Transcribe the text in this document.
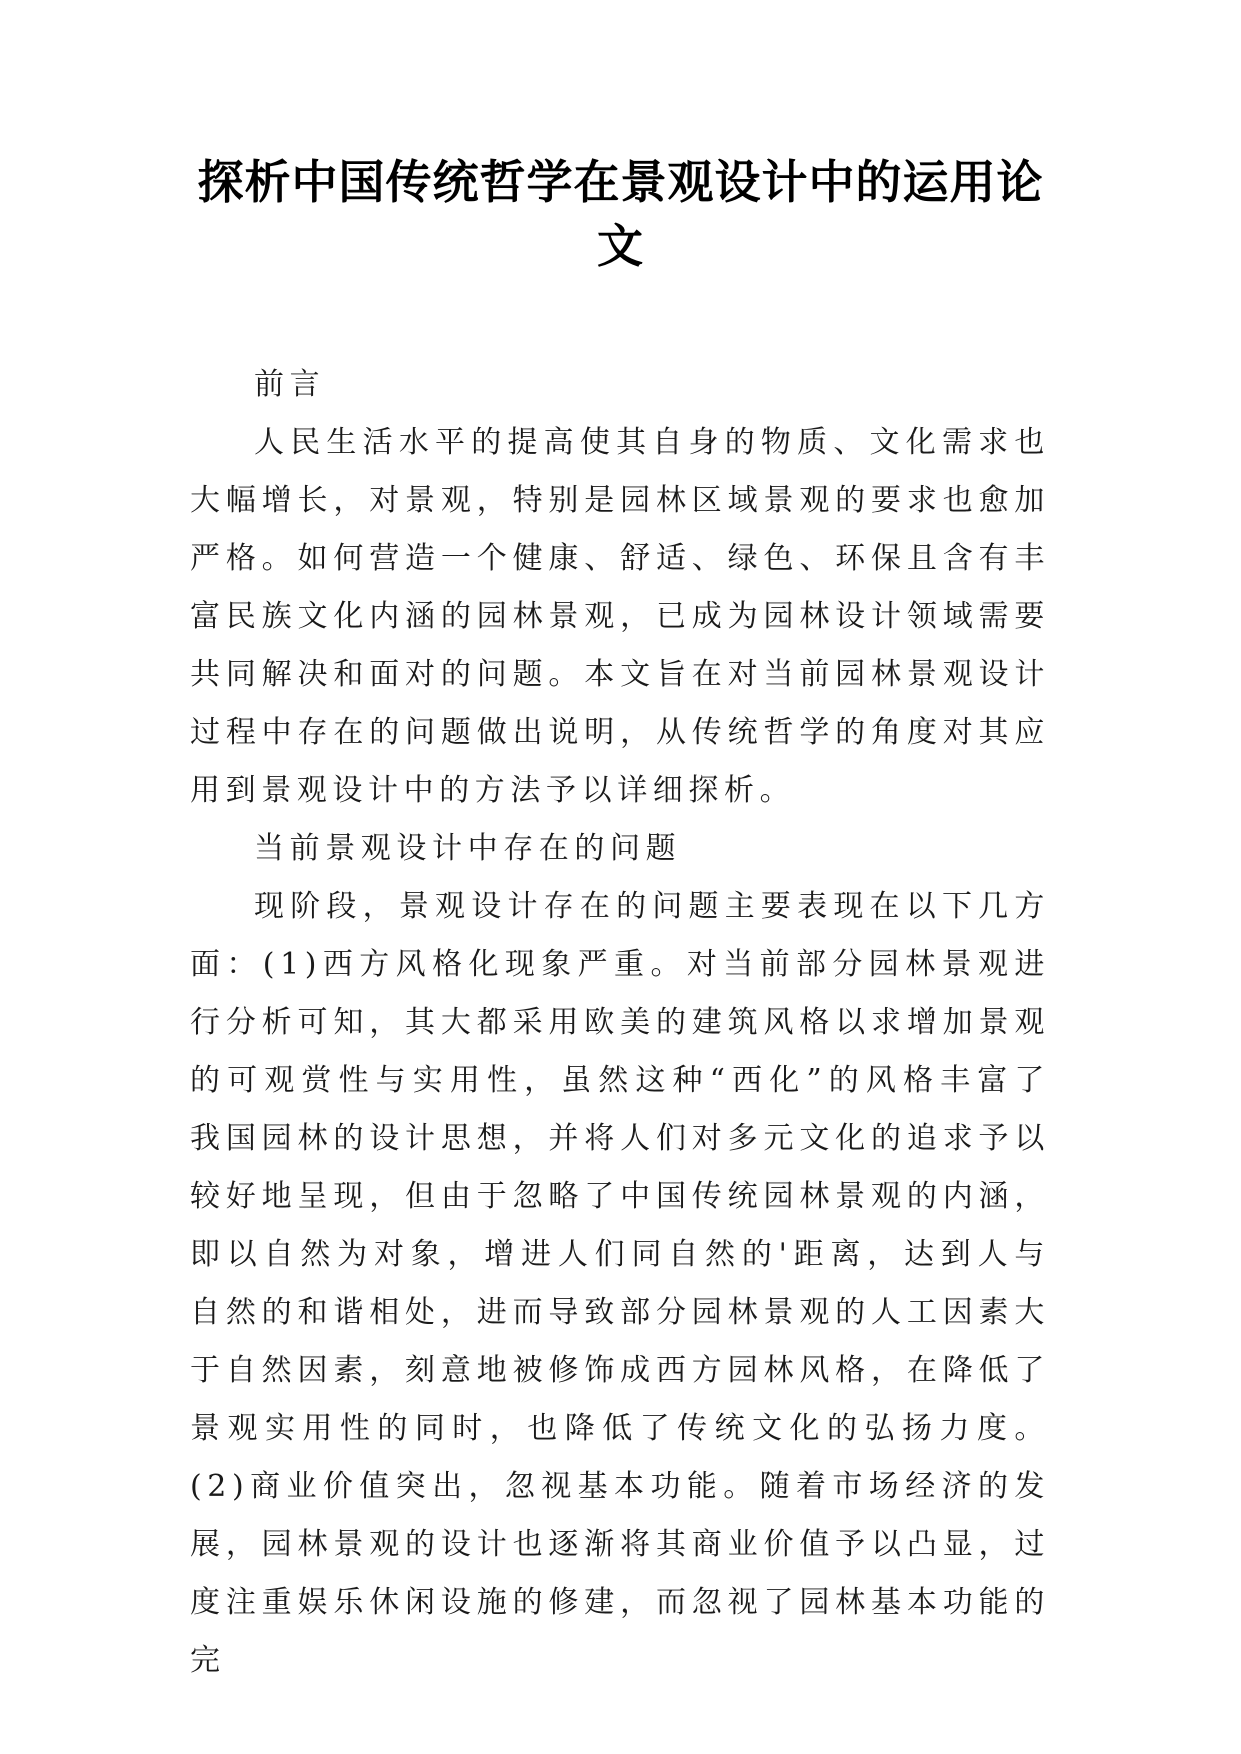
探析中国传统哲学在景观设计中的运用论
文

前言

人民生活水平的提高使其自身的物质、文化需求也大幅增长，对景观，特别是园林区域景观的要求也愈加严格。如何营造一个健康、舒适、绿色、环保且含有丰富民族文化内涵的园林景观，已成为园林设计领域需要共同解决和面对的问题。本文旨在对当前园林景观设计过程中存在的问题做出说明，从传统哲学的角度对其应用到景观设计中的方法予以详细探析。

当前景观设计中存在的问题

现阶段，景观设计存在的问题主要表现在以下几方面：(1)西方风格化现象严重。对当前部分园林景观进行分析可知，其大都采用欧美的建筑风格以求增加景观的可观赏性与实用性，虽然这种“西化”的风格丰富了我国园林的设计思想，并将人们对多元文化的追求予以较好地呈现，但由于忽略了中国传统园林景观的内涵，即以自然为对象，增进人们同自然的'距离，达到人与自然的和谐相处，进而导致部分园林景观的人工因素大于自然因素，刻意地被修饰成西方园林风格，在降低了景观实用性的同时，也降低了传统文化的弘扬力度。(2)商业价值突出，忽视基本功能。随着市场经济的发展，园林景观的设计也逐渐将其商业价值予以凸显，过度注重娱乐休闲设施的修建，而忽视了园林基本功能的完
